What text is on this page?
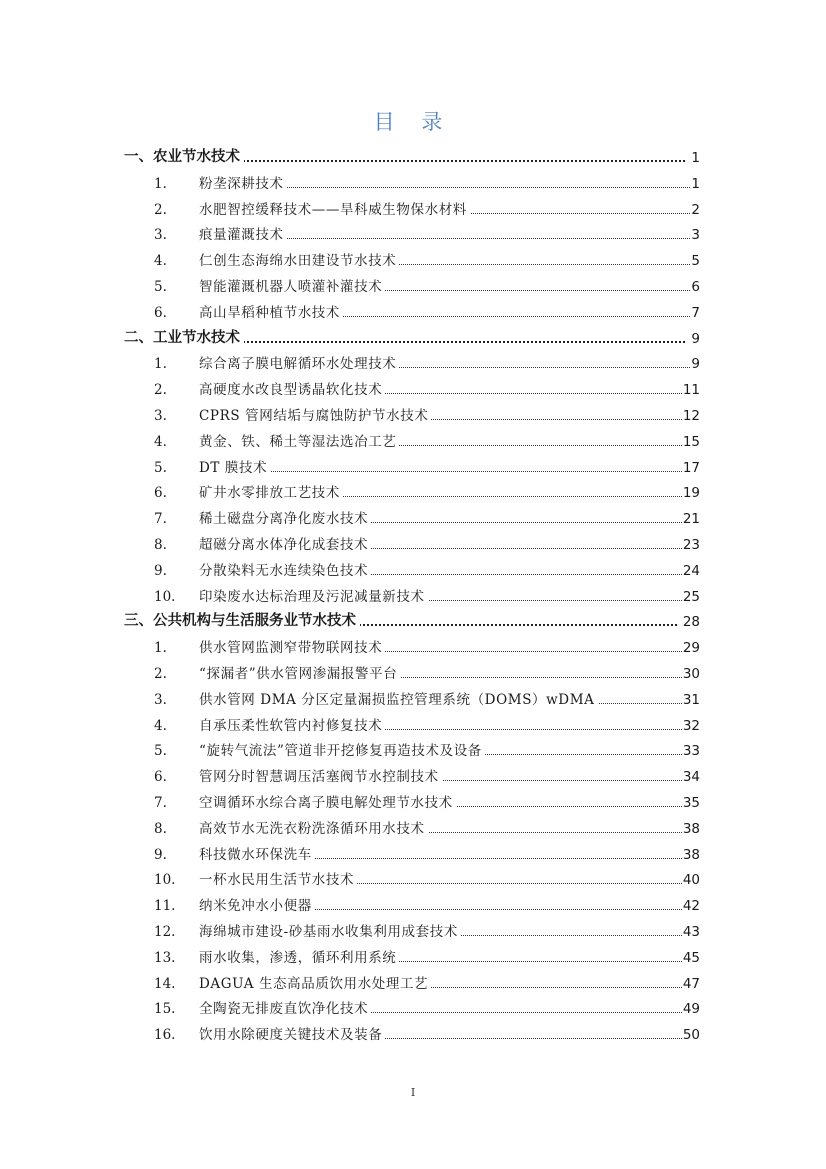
目 录
一、农业节水技术	1
1. 粉垄深耕技术	1
2. 水肥智控缓释技术——旱科威生物保水材料	2
3. 痕量灌溉技术	3
4. 仁创生态海绵水田建设节水技术	5
5. 智能灌溉机器人喷灌补灌技术	6
6. 高山旱稻种植节水技术	7
二、工业节水技术	9
1. 综合离子膜电解循环水处理技术	9
2. 高硬度水改良型诱晶软化技术	11
3. CPRS 管网结垢与腐蚀防护节水技术	12
4. 黄金、铁、稀土等湿法选冶工艺	15
5. DT 膜技术	17
6. 矿井水零排放工艺技术	19
7. 稀土磁盘分离净化废水技术	21
8. 超磁分离水体净化成套技术	23
9. 分散染料无水连续染色技术	24
10. 印染废水达标治理及污泥减量新技术	25
三、公共机构与生活服务业节水技术	28
1. 供水管网监测窄带物联网技术	29
2. “探漏者”供水管网渗漏报警平台	30
3. 供水管网 DMA 分区定量漏损监控管理系统（DOMS）wDMA	31
4. 自承压柔性软管内衬修复技术	32
5. “旋转气流法”管道非开挖修复再造技术及设备	33
6. 管网分时智慧调压活塞阀节水控制技术	34
7. 空调循环水综合离子膜电解处理节水技术	35
8. 高效节水无洗衣粉洗涤循环用水技术	38
9. 科技微水环保洗车	38
10. 一杯水民用生活节水技术	40
11. 纳米免冲水小便器	42
12. 海绵城市建设-砂基雨水收集利用成套技术	43
13. 雨水收集，渗透，循环利用系统	45
14. DAGUA 生态高品质饮用水处理工艺	47
15. 全陶瓷无排废直饮净化技术	49
16. 饮用水除硬度关键技术及装备	50
I
